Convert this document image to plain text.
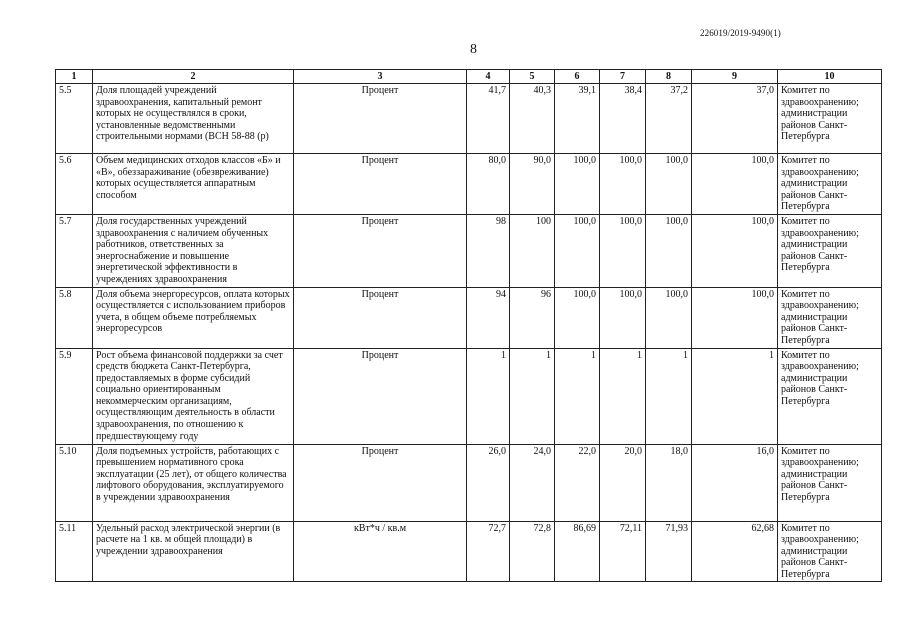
226019/2019-9490(1)
8
1	2	3	4	5	6	7	8	9	10
5.5	Доля площадей учреждений здравоохранения, капитальный ремонт которых не осуществлялся в сроки, установленные ведомственными строительными нормами (ВСН 58-88 (р)	Процент	41,7	40,3	39,1	38,4	37,2	37,0	Комитет по здравоохранению; администрации районов Санкт-Петербурга
5.6	Объем медицинских отходов классов «Б» и «В», обеззараживание (обезвреживание) которых осуществляется аппаратным способом	Процент	80,0	90,0	100,0	100,0	100,0	100,0	Комитет по здравоохранению; администрации районов Санкт-Петербурга
5.7	Доля государственных учреждений здравоохранения с наличием обученных работников, ответственных за энергоснабжение и повышение энергетической эффективности в учреждениях здравоохранения	Процент	98	100	100,0	100,0	100,0	100,0	Комитет по здравоохранению; администрации районов Санкт-Петербурга
5.8	Доля объема энергоресурсов, оплата которых осуществляется с использованием приборов учета, в общем объеме потребляемых энергоресурсов	Процент	94	96	100,0	100,0	100,0	100,0	Комитет по здравоохранению; администрации районов Санкт-Петербурга
5.9	Рост объема финансовой поддержки за счет средств бюджета Санкт-Петербурга, предоставляемых в форме субсидий социально ориентированным некоммерческим организациям, осуществляющим деятельность в области здравоохранения, по отношению к предшествующему году	Процент	1	1	1	1	1	1	Комитет по здравоохранению; администрации районов Санкт-Петербурга
5.10	Доля подъемных устройств, работающих с превышением нормативного срока эксплуатации (25 лет), от общего количества лифтового оборудования, эксплуатируемого в учреждении здравоохранения	Процент	26,0	24,0	22,0	20,0	18,0	16,0	Комитет по здравоохранению; администрации районов Санкт-Петербурга
5.11	Удельный расход электрической энергии (в расчете на 1 кв. м общей площади) в учреждении здравоохранения	кВт*ч / кв.м	72,7	72,8	86,69	72,11	71,93	62,68	Комитет по здравоохранению; администрации районов Санкт-Петербурга
